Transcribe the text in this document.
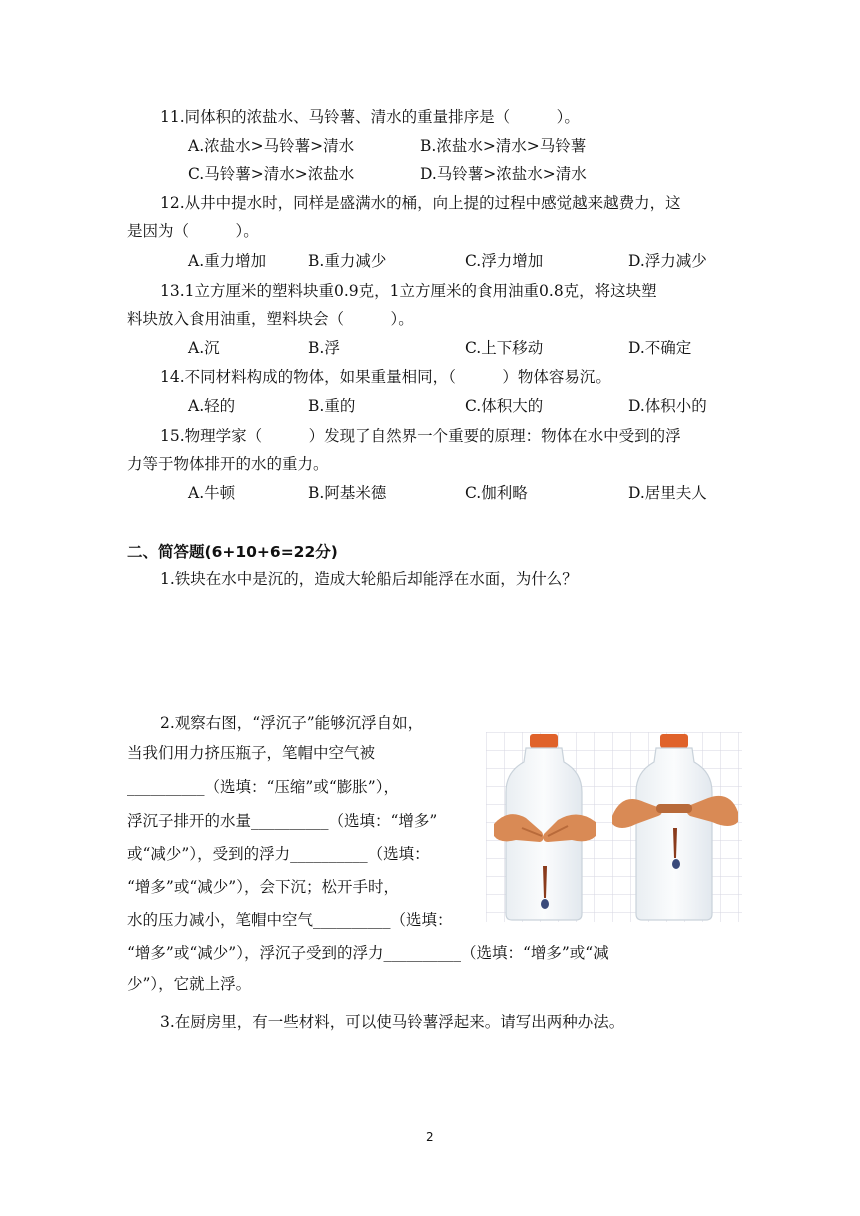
11.同体积的浓盐水、马铃薯、清水的重量排序是（　　　）。
A.浓盐水>马铃薯>清水	B.浓盐水>清水>马铃薯
C.马铃薯>清水>浓盐水	D.马铃薯>浓盐水>清水
12.从井中提水时，同样是盛满水的桶，向上提的过程中感觉越来越费力，这
是因为（　　　）。
A.重力增加	B.重力减少	C.浮力增加	D.浮力减少
13.1立方厘米的塑料块重0.9克，1立方厘米的食用油重0.8克，将这块塑
料块放入食用油重，塑料块会（　　　）。
A.沉	B.浮	C.上下移动	D.不确定
14.不同材料构成的物体，如果重量相同，（　　　）物体容易沉。
A.轻的	B.重的	C.体积大的	D.体积小的
15.物理学家（　　　）发现了自然界一个重要的原理：物体在水中受到的浮
力等于物体排开的水的重力。
A.牛顿	B.阿基米德	C.伽利略	D.居里夫人
二、简答题(6+10+6=22分)
1.铁块在水中是沉的，造成大轮船后却能浮在水面，为什么？
2.观察右图，“浮沉子”能够沉浮自如，
当我们用力挤压瓶子，笔帽中空气被
__________（选填：“压缩”或“膨胀”），
浮沉子排开的水量__________（选填：“增多”
或“减少”），受到的浮力__________（选填：
“增多”或“减少”），会下沉；松开手时，
水的压力减小，笔帽中空气__________（选填：
“增多”或“减少”），浮沉子受到的浮力__________（选填：“增多”或“减
少”），它就上浮。
3.在厨房里，有一些材料，可以使马铃薯浮起来。请写出两种办法。
2
